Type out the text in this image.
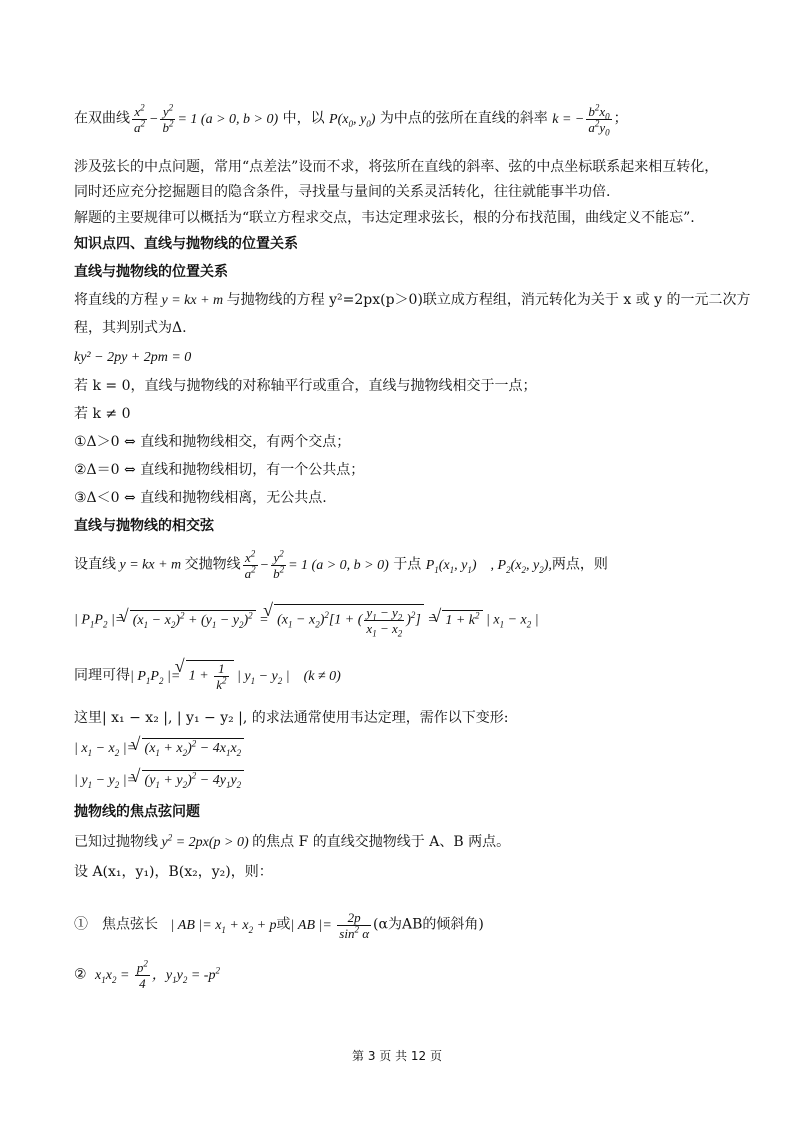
在双曲线 $\frac{x^2}{a^2} - \frac{y^2}{b^2} = 1$ (a > 0, b > 0) 中，以 $P(x_0$, $y_0$) 为中点的弦所在直线的斜率 k = − $\frac{b^2x_0}{a^2y_0}$ ；
涉及弦长的中点问题，常用“点差法”设而不求，将弦所在直线的斜率、弦的中点坐标联系起来相互转化，
同时还应充分挖掘题目的隐含条件，寻找量与量间的关系灵活转化，往往就能事半功倍.
解题的主要规律可以概括为“联立方程求交点，韦达定理求弦长，根的分布找范围，曲线定义不能忘”.
知识点四、直线与抛物线的位置关系
直线与抛物线的位置关系
将直线的方程 y = kx + m 与抛物线的方程 y²=2px(p＞0)联立成方程组，消元转化为关于 x 或 y 的一元二次方
程，其判别式为Δ.
ky² − 2py + 2pm = 0
若 k = 0，直线与抛物线的对称轴平行或重合，直线与抛物线相交于一点；
若 k ≠ 0
①Δ＞0 ⇔ 直线和抛物线相交，有两个交点；
②Δ＝0 ⇔ 直线和抛物线相切，有一个公共点；
③Δ＜0 ⇔ 直线和抛物线相离，无公共点.
直线与抛物线的相交弦
设直线 y = kx + m 交抛物线 $\frac{x^2}{a^2} - \frac{y^2}{b^2} = 1$ (a > 0, b > 0) 于点 $P_1(x_1$, $y_1$)　, $P_2(x_2$, $y_2$),两点，则
| $P_1P_2$ |= √ $(x_1 - x_2)^2 + (y_1 - y_2)^2$ = √ $(x_1 - x_2)^2[1$ + ( $\frac{y_1 - y_2}{x_1 - x_2} )^2$] = √ $1 + k^2$ | $x_1 - x_2$ |
同理可得| $P_1P_2$ |= √ $1 + \frac{1}{k^2}$ | $y_1 - y_2$ |　(k ≠ 0)
这里| x₁ − x₂ |, | y₁ − y₂ |, 的求法通常使用韦达定理，需作以下变形:
| $x_1 - x_2$ |= √ $(x_1 + x_2)^2 - 4x_1x_2$
| $y_1 - y_2$ |= √ $(y_1 + y_2)^2 - 4y_1y_2$
抛物线的焦点弦问题
已知过抛物线 $y^2 = 2px(p > 0)$ 的焦点 F 的直线交抛物线于 A、B 两点。
设 A(x₁，y₁)，B(x₂，y₂)，则：
①　焦点弦长 | AB |= $x_1 + x_2 + p$或| AB |= $\frac{2p}{\sin^2 \alpha} (\alpha$为AB的倾斜角)
② $x_1x_2 = \frac{p^2}{4}$ ，$y_1y_2 = -p^2$
第 3 页 共 12 页
